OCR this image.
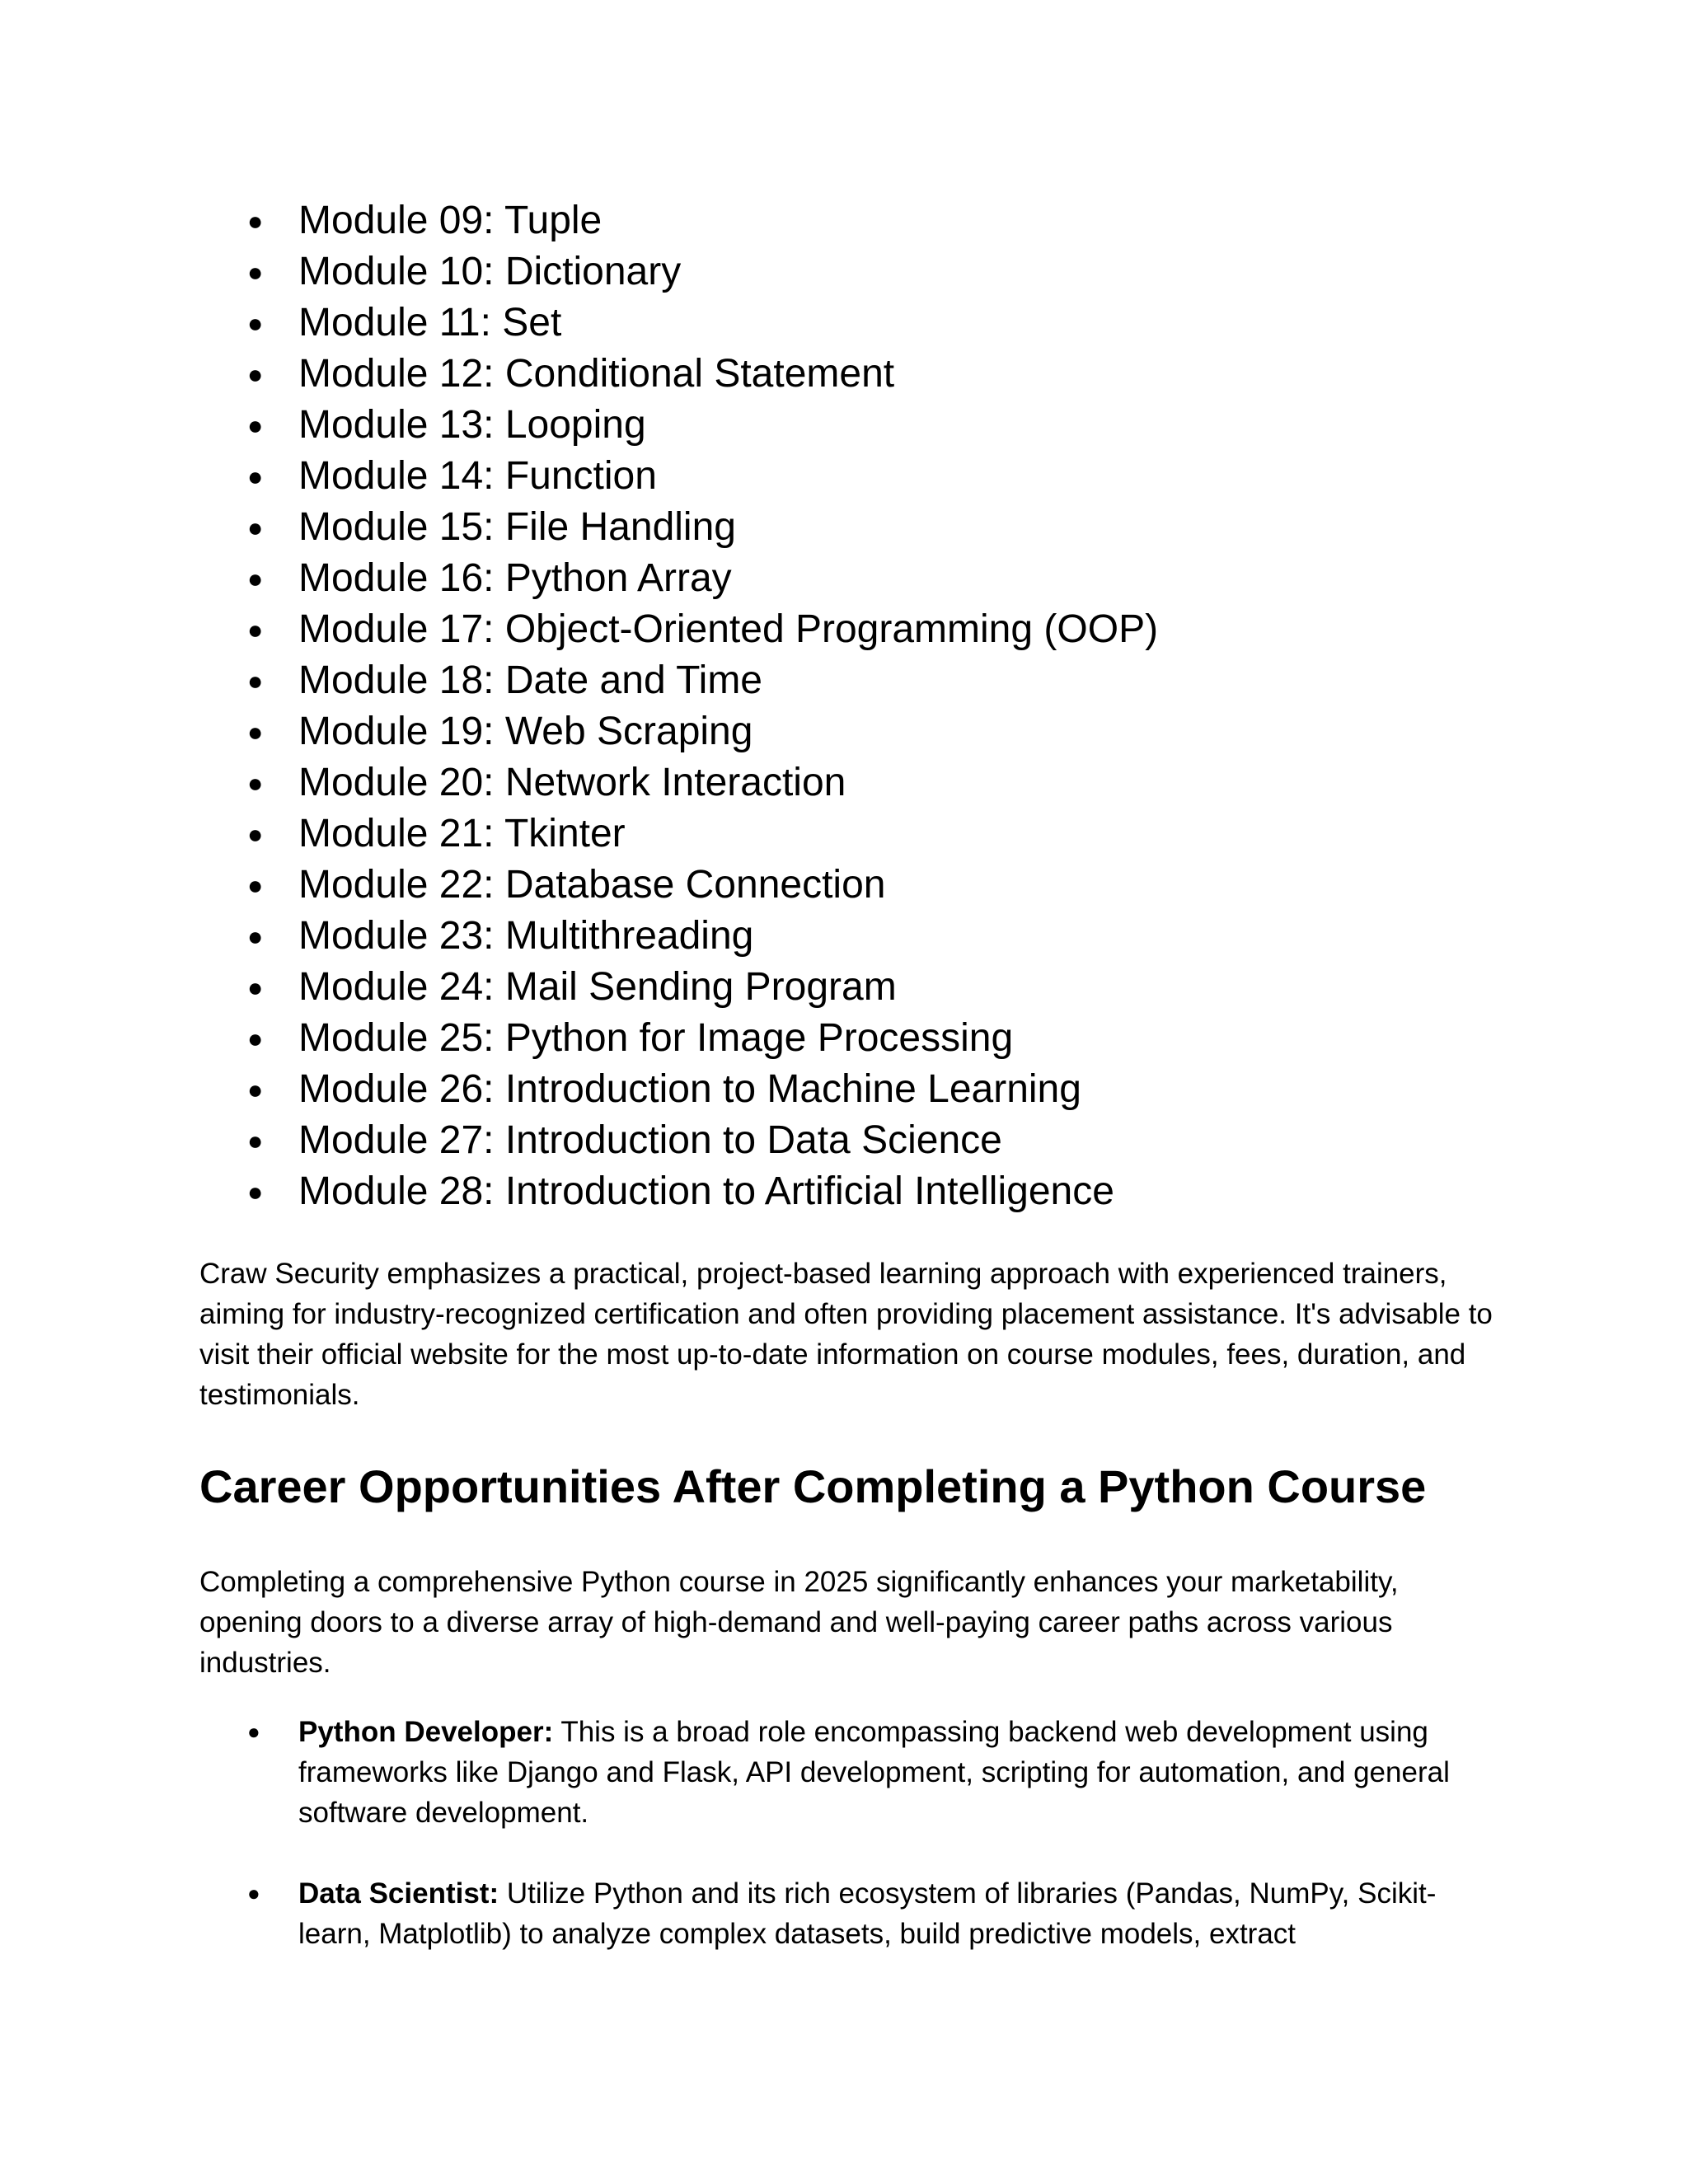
● Module 09: Tuple
● Module 10: Dictionary
● Module 11: Set
● Module 12: Conditional Statement
● Module 13: Looping
● Module 14: Function
● Module 15: File Handling
● Module 16: Python Array
● Module 17: Object-Oriented Programming (OOP)
● Module 18: Date and Time
● Module 19: Web Scraping
● Module 20: Network Interaction
● Module 21: Tkinter
● Module 22: Database Connection
● Module 23: Multithreading
● Module 24: Mail Sending Program
● Module 25: Python for Image Processing
● Module 26: Introduction to Machine Learning
● Module 27: Introduction to Data Science
● Module 28: Introduction to Artificial Intelligence

Craw Security emphasizes a practical, project-based learning approach with experienced trainers, aiming for industry-recognized certification and often providing placement assistance. It's advisable to visit their official website for the most up-to-date information on course modules, fees, duration, and testimonials.

Career Opportunities After Completing a Python Course

Completing a comprehensive Python course in 2025 significantly enhances your marketability, opening doors to a diverse array of high-demand and well-paying career paths across various industries.

● Python Developer: This is a broad role encompassing backend web development using frameworks like Django and Flask, API development, scripting for automation, and general software development.
● Data Scientist: Utilize Python and its rich ecosystem of libraries (Pandas, NumPy, Scikit-learn, Matplotlib) to analyze complex datasets, build predictive models, extract
